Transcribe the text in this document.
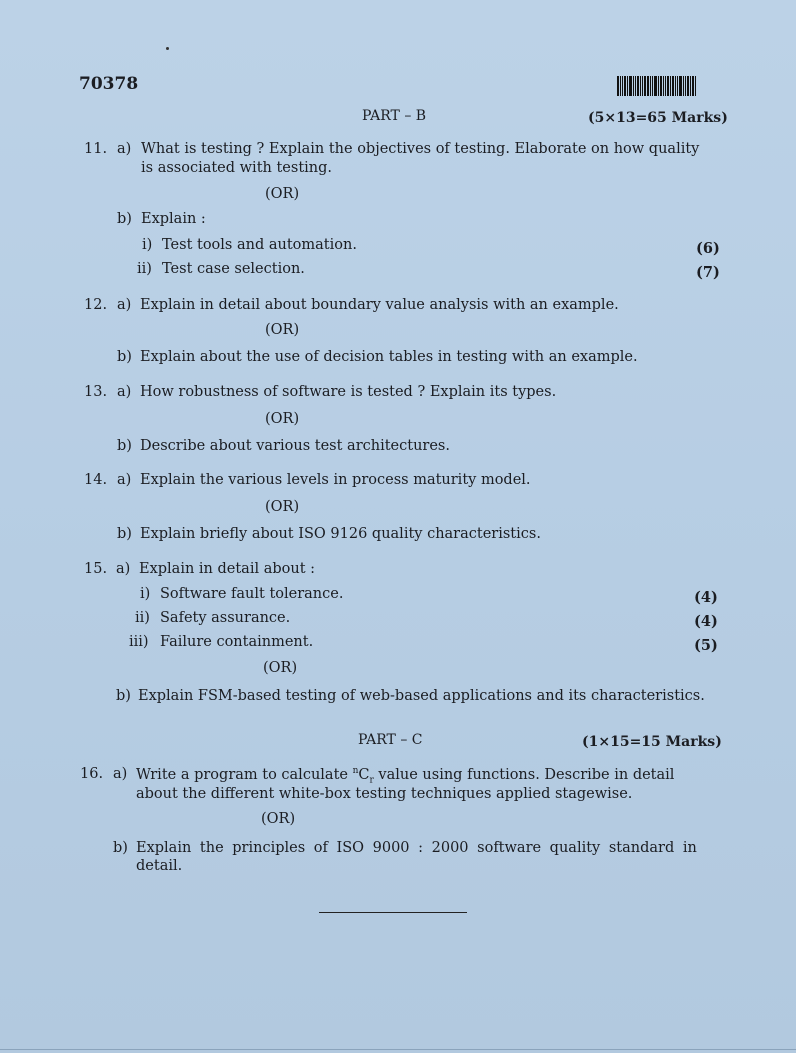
70378
PART – B	(5×13=65 Marks)
11. a) What is testing ? Explain the objectives of testing. Elaborate on how quality
is associated with testing.
(OR)
b) Explain :
i) Test tools and automation.	(6)
ii) Test case selection.	(7)
12. a) Explain in detail about boundary value analysis with an example.
(OR)
b) Explain about the use of decision tables in testing with an example.
13. a) How robustness of software is tested ? Explain its types.
(OR)
b) Describe about various test architectures.
14. a) Explain the various levels in process maturity model.
(OR)
b) Explain briefly about ISO 9126 quality characteristics.
15. a) Explain in detail about :
i) Software fault tolerance.	(4)
ii) Safety assurance.	(4)
iii) Failure containment.	(5)
(OR)
b) Explain FSM-based testing of web-based applications and its characteristics.
PART – C	(1×15=15 Marks)
16. a) Write a program to calculate $^nC_r$ value using functions. Describe in detail
about the different white-box testing techniques applied stagewise.
(OR)
b) Explain the principles of ISO 9000 : 2000 software quality standard in
detail.
